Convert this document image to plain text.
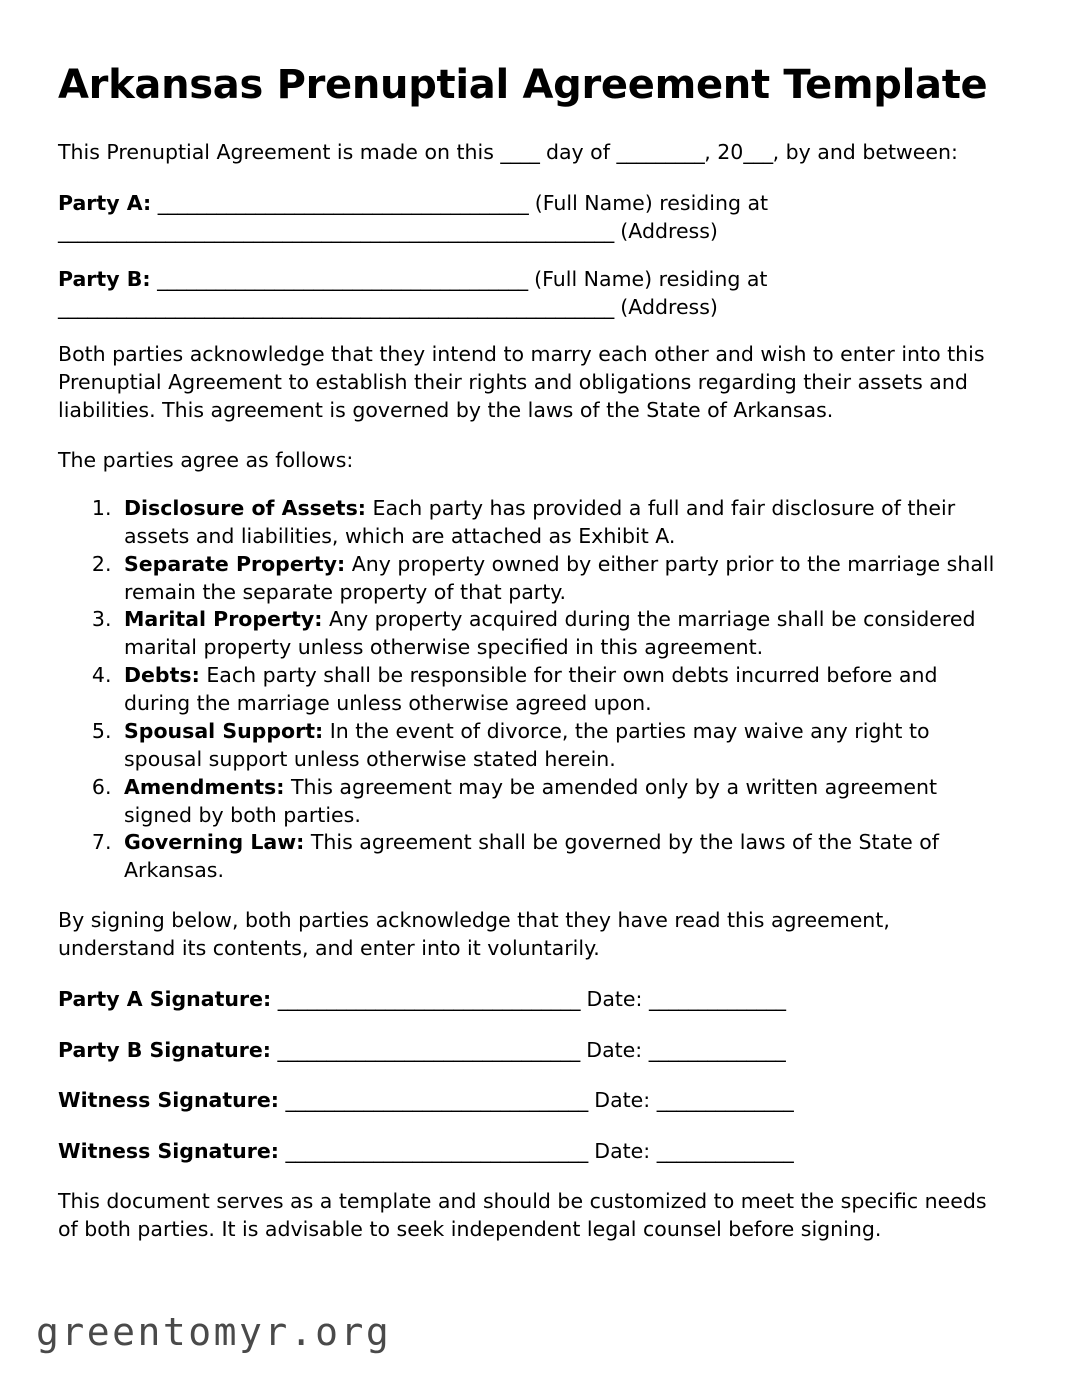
Arkansas Prenuptial Agreement Template

This Prenuptial Agreement is made on this ____ day of _________, 20___, by and between:

Party A: ______________________________________ (Full Name) residing at _________________________________________________________ (Address)
Party B: ______________________________________ (Full Name) residing at _________________________________________________________ (Address)

Both parties acknowledge that they intend to marry each other and wish to enter into this Prenuptial Agreement to establish their rights and obligations regarding their assets and liabilities. This agreement is governed by the laws of the State of Arkansas.

The parties agree as follows:

1. Disclosure of Assets: Each party has provided a full and fair disclosure of their assets and liabilities, which are attached as Exhibit A.
2. Separate Property: Any property owned by either party prior to the marriage shall remain the separate property of that party.
3. Marital Property: Any property acquired during the marriage shall be considered marital property unless otherwise specified in this agreement.
4. Debts: Each party shall be responsible for their own debts incurred before and during the marriage unless otherwise agreed upon.
5. Spousal Support: In the event of divorce, the parties may waive any right to spousal support unless otherwise stated herein.
6. Amendments: This agreement may be amended only by a written agreement signed by both parties.
7. Governing Law: This agreement shall be governed by the laws of the State of Arkansas.

By signing below, both parties acknowledge that they have read this agreement, understand its contents, and enter into it voluntarily.

Party A Signature: _______________________________ Date: ______________
Party B Signature: _______________________________ Date: ______________
Witness Signature: _______________________________ Date: ______________
Witness Signature: _______________________________ Date: ______________

This document serves as a template and should be customized to meet the specific needs of both parties. It is advisable to seek independent legal counsel before signing.

greentomyr.org
